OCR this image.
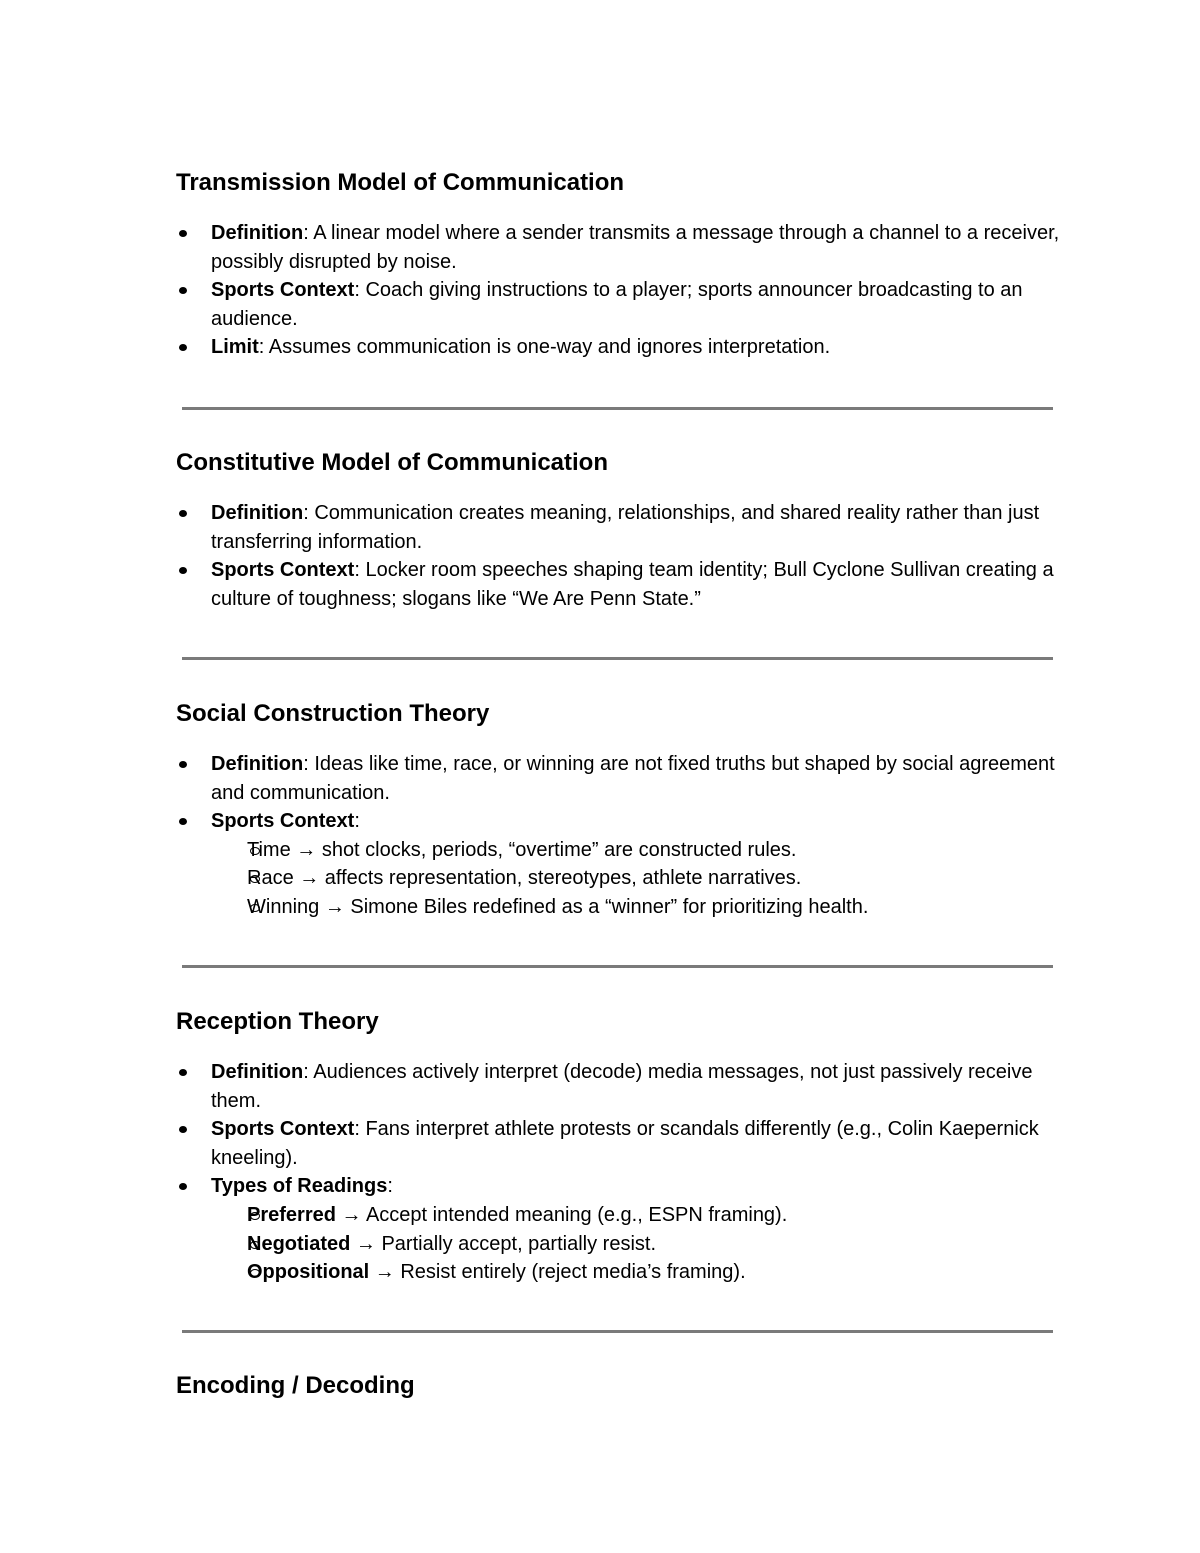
Transmission Model of Communication
Definition: A linear model where a sender transmits a message through a channel to a receiver, possibly disrupted by noise.
Sports Context: Coach giving instructions to a player; sports announcer broadcasting to an audience.
Limit: Assumes communication is one-way and ignores interpretation.
Constitutive Model of Communication
Definition: Communication creates meaning, relationships, and shared reality rather than just transferring information.
Sports Context: Locker room speeches shaping team identity; Bull Cyclone Sullivan creating a culture of toughness; slogans like “We Are Penn State.”
Social Construction Theory
Definition: Ideas like time, race, or winning are not fixed truths but shaped by social agreement and communication.
Sports Context:
Time → shot clocks, periods, “overtime” are constructed rules.
Race → affects representation, stereotypes, athlete narratives.
Winning → Simone Biles redefined as a “winner” for prioritizing health.
Reception Theory
Definition: Audiences actively interpret (decode) media messages, not just passively receive them.
Sports Context: Fans interpret athlete protests or scandals differently (e.g., Colin Kaepernick kneeling).
Types of Readings:
Preferred → Accept intended meaning (e.g., ESPN framing).
Negotiated → Partially accept, partially resist.
Oppositional → Resist entirely (reject media’s framing).
Encoding / Decoding
